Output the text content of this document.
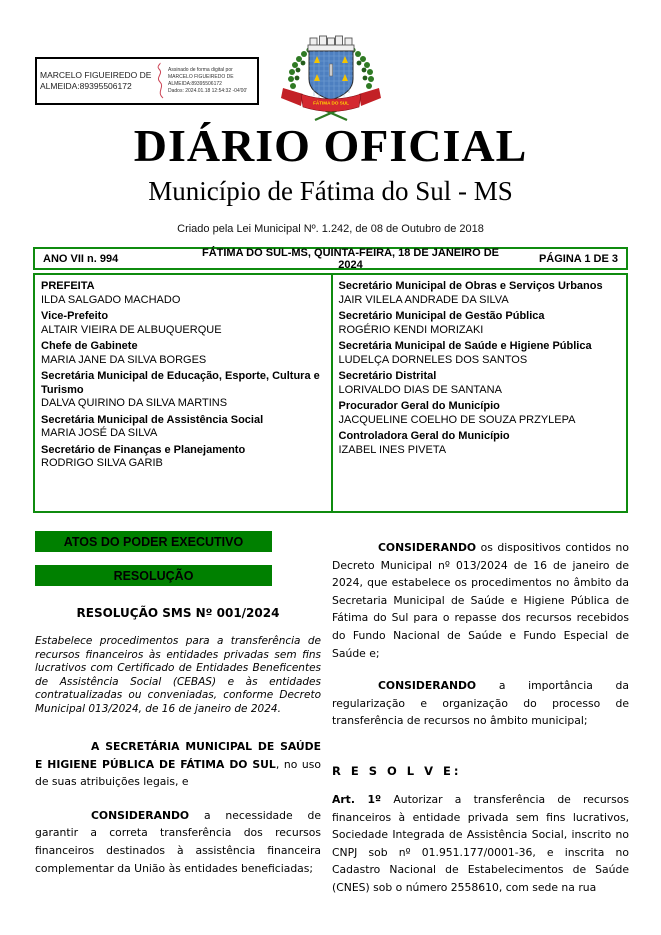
MARCELO FIGUEIREDO DE
ALMEIDA:89395506172
Assinado de forma digital por
MARCELO FIGUEIREDO DE
ALMEIDA:89395506172
Dados: 2024.01.18 12:54:32 -04'00'
FÁTIMA DO SUL
DIÁRIO OFICIAL
Município de Fátima do Sul - MS
Criado pela Lei Municipal Nº. 1.242, de 08 de Outubro de 2018
ANO VII n. 994	FÁTIMA DO SUL-MS, QUINTA-FEIRA, 18 DE JANEIRO DE 2024	PÁGINA 1 DE 3
PREFEITA
ILDA SALGADO MACHADO
Vice-Prefeito
ALTAIR VIEIRA DE ALBUQUERQUE
Chefe de Gabinete
MARIA JANE DA SILVA BORGES
Secretária Municipal de Educação, Esporte, Cultura e Turismo
DALVA QUIRINO DA SILVA MARTINS
Secretária Municipal de Assistência Social
MARIA JOSÉ DA SILVA
Secretário de Finanças e Planejamento
RODRIGO SILVA GARIB
Secretário Municipal de Obras e Serviços Urbanos
JAIR VILELA ANDRADE DA SILVA
Secretário Municipal de Gestão Pública
ROGÉRIO KENDI MORIZAKI
Secretária Municipal de Saúde e Higiene Pública
LUDELÇA DORNELES DOS SANTOS
Secretário Distrital
LORIVALDO DIAS DE SANTANA
Procurador Geral do Município
JACQUELINE COELHO DE SOUZA PRZYLEPA
Controladora Geral do Município
IZABEL INES PIVETA
ATOS DO PODER EXECUTIVO
RESOLUÇÃO
RESOLUÇÃO SMS Nº 001/2024

Estabelece procedimentos para a transferência de recursos financeiros às entidades privadas sem fins lucrativos com Certificado de Entidades Beneficentes de Assistência Social (CEBAS) e às entidades contratualizadas ou conveniadas, conforme Decreto Municipal 013/2024, de 16 de janeiro de 2024.

A SECRETÁRIA MUNICIPAL DE SAÚDE E HIGIENE PÚBLICA DE FÁTIMA DO SUL, no uso de suas atribuições legais, e

CONSIDERANDO a necessidade de garantir a correta transferência dos recursos financeiros destinados à assistência financeira complementar da União às entidades beneficiadas;

CONSIDERANDO os dispositivos contidos no Decreto Municipal nº 013/2024 de 16 de janeiro de 2024, que estabelece os procedimentos no âmbito da Secretaria Municipal de Saúde e Higiene Pública de Fátima do Sul para o repasse dos recursos recebidos do Fundo Nacional de Saúde e Fundo Especial de Saúde e;

CONSIDERANDO a importância da regularização e organização do processo de transferência de recursos no âmbito municipal;

R E S O L V E:

Art. 1º Autorizar a transferência de recursos financeiros à entidade privada sem fins lucrativos, Sociedade Integrada de Assistência Social, inscrito no CNPJ sob nº 01.951.177/0001-36, e inscrita no Cadastro Nacional de Estabelecimentos de Saúde (CNES) sob o número 2558610, com sede na rua
